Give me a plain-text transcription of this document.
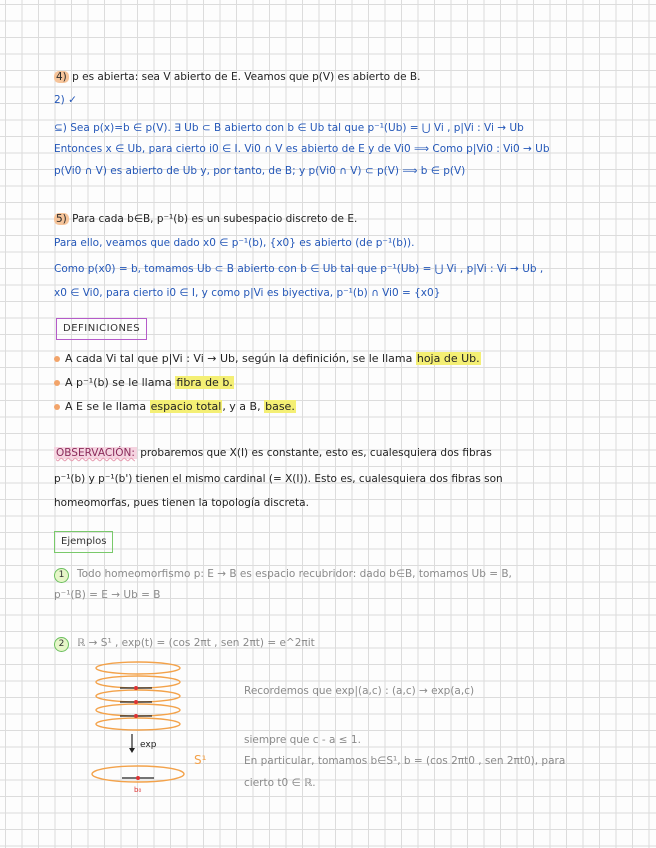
4) p es abierta: sea V abierto de E. Veamos que p(V) es abierto de B.
2) ✓
⊆) Sea p(x)=b ∈ p(V). ∃ Ub ⊂ B abierto con b ∈ Ub tal que p⁻¹(Ub) = ⋃ Vi , p|Vi : Vi → Ub
Entonces x ∈ Ub, para cierto i0 ∈ I. Vi0 ∩ V es abierto de E y de Vi0 ⟹ Como p|Vi0 : Vi0 → Ub
p(Vi0 ∩ V) es abierto de Ub y, por tanto, de B; y p(Vi0 ∩ V) ⊂ p(V) ⟹ b ∈ p(V)
5) Para cada b∈B, p⁻¹(b) es un subespacio discreto de E.
Para ello, veamos que dado x0 ∈ p⁻¹(b), {x0} es abierto (de p⁻¹(b)).
Como p(x0) = b, tomamos Ub ⊂ B abierto con b ∈ Ub tal que p⁻¹(Ub) = ⋃ Vi , p|Vi : Vi → Ub ,
x0 ∈ Vi0, para cierto i0 ∈ I, y como p|Vi es biyectiva, p⁻¹(b) ∩ Vi0 = {x0}
DEFINICIONES
A cada Vi tal que p|Vi : Vi → Ub, según la definición, se le llama hoja de Ub.
A p⁻¹(b) se le llama fibra de b.
A E se le llama espacio total, y a B, base.
OBSERVACIÓN: probaremos que X(I) es constante, esto es, cualesquiera dos fibras
p⁻¹(b) y p⁻¹(b') tienen el mismo cardinal (= X(I)). Esto es, cualesquiera dos fibras son
homeomorfas, pues tienen la topología discreta.
Ejemplos
1 Todo homeomorfismo p: E → B es espacio recubridor: dado b∈B, tomamos Ub = B,
p⁻¹(B) = E → Ub = B
2 ℝ → S¹ , exp(t) = (cos 2πt , sen 2πt) = e^2πit
exp
b₀
S¹
Recordemos que exp|(a,c) : (a,c) → exp(a,c)
siempre que c - a ≤ 1.
En particular, tomamos b∈S¹, b = (cos 2πt0 , sen 2πt0), para
cierto t0 ∈ ℝ.
